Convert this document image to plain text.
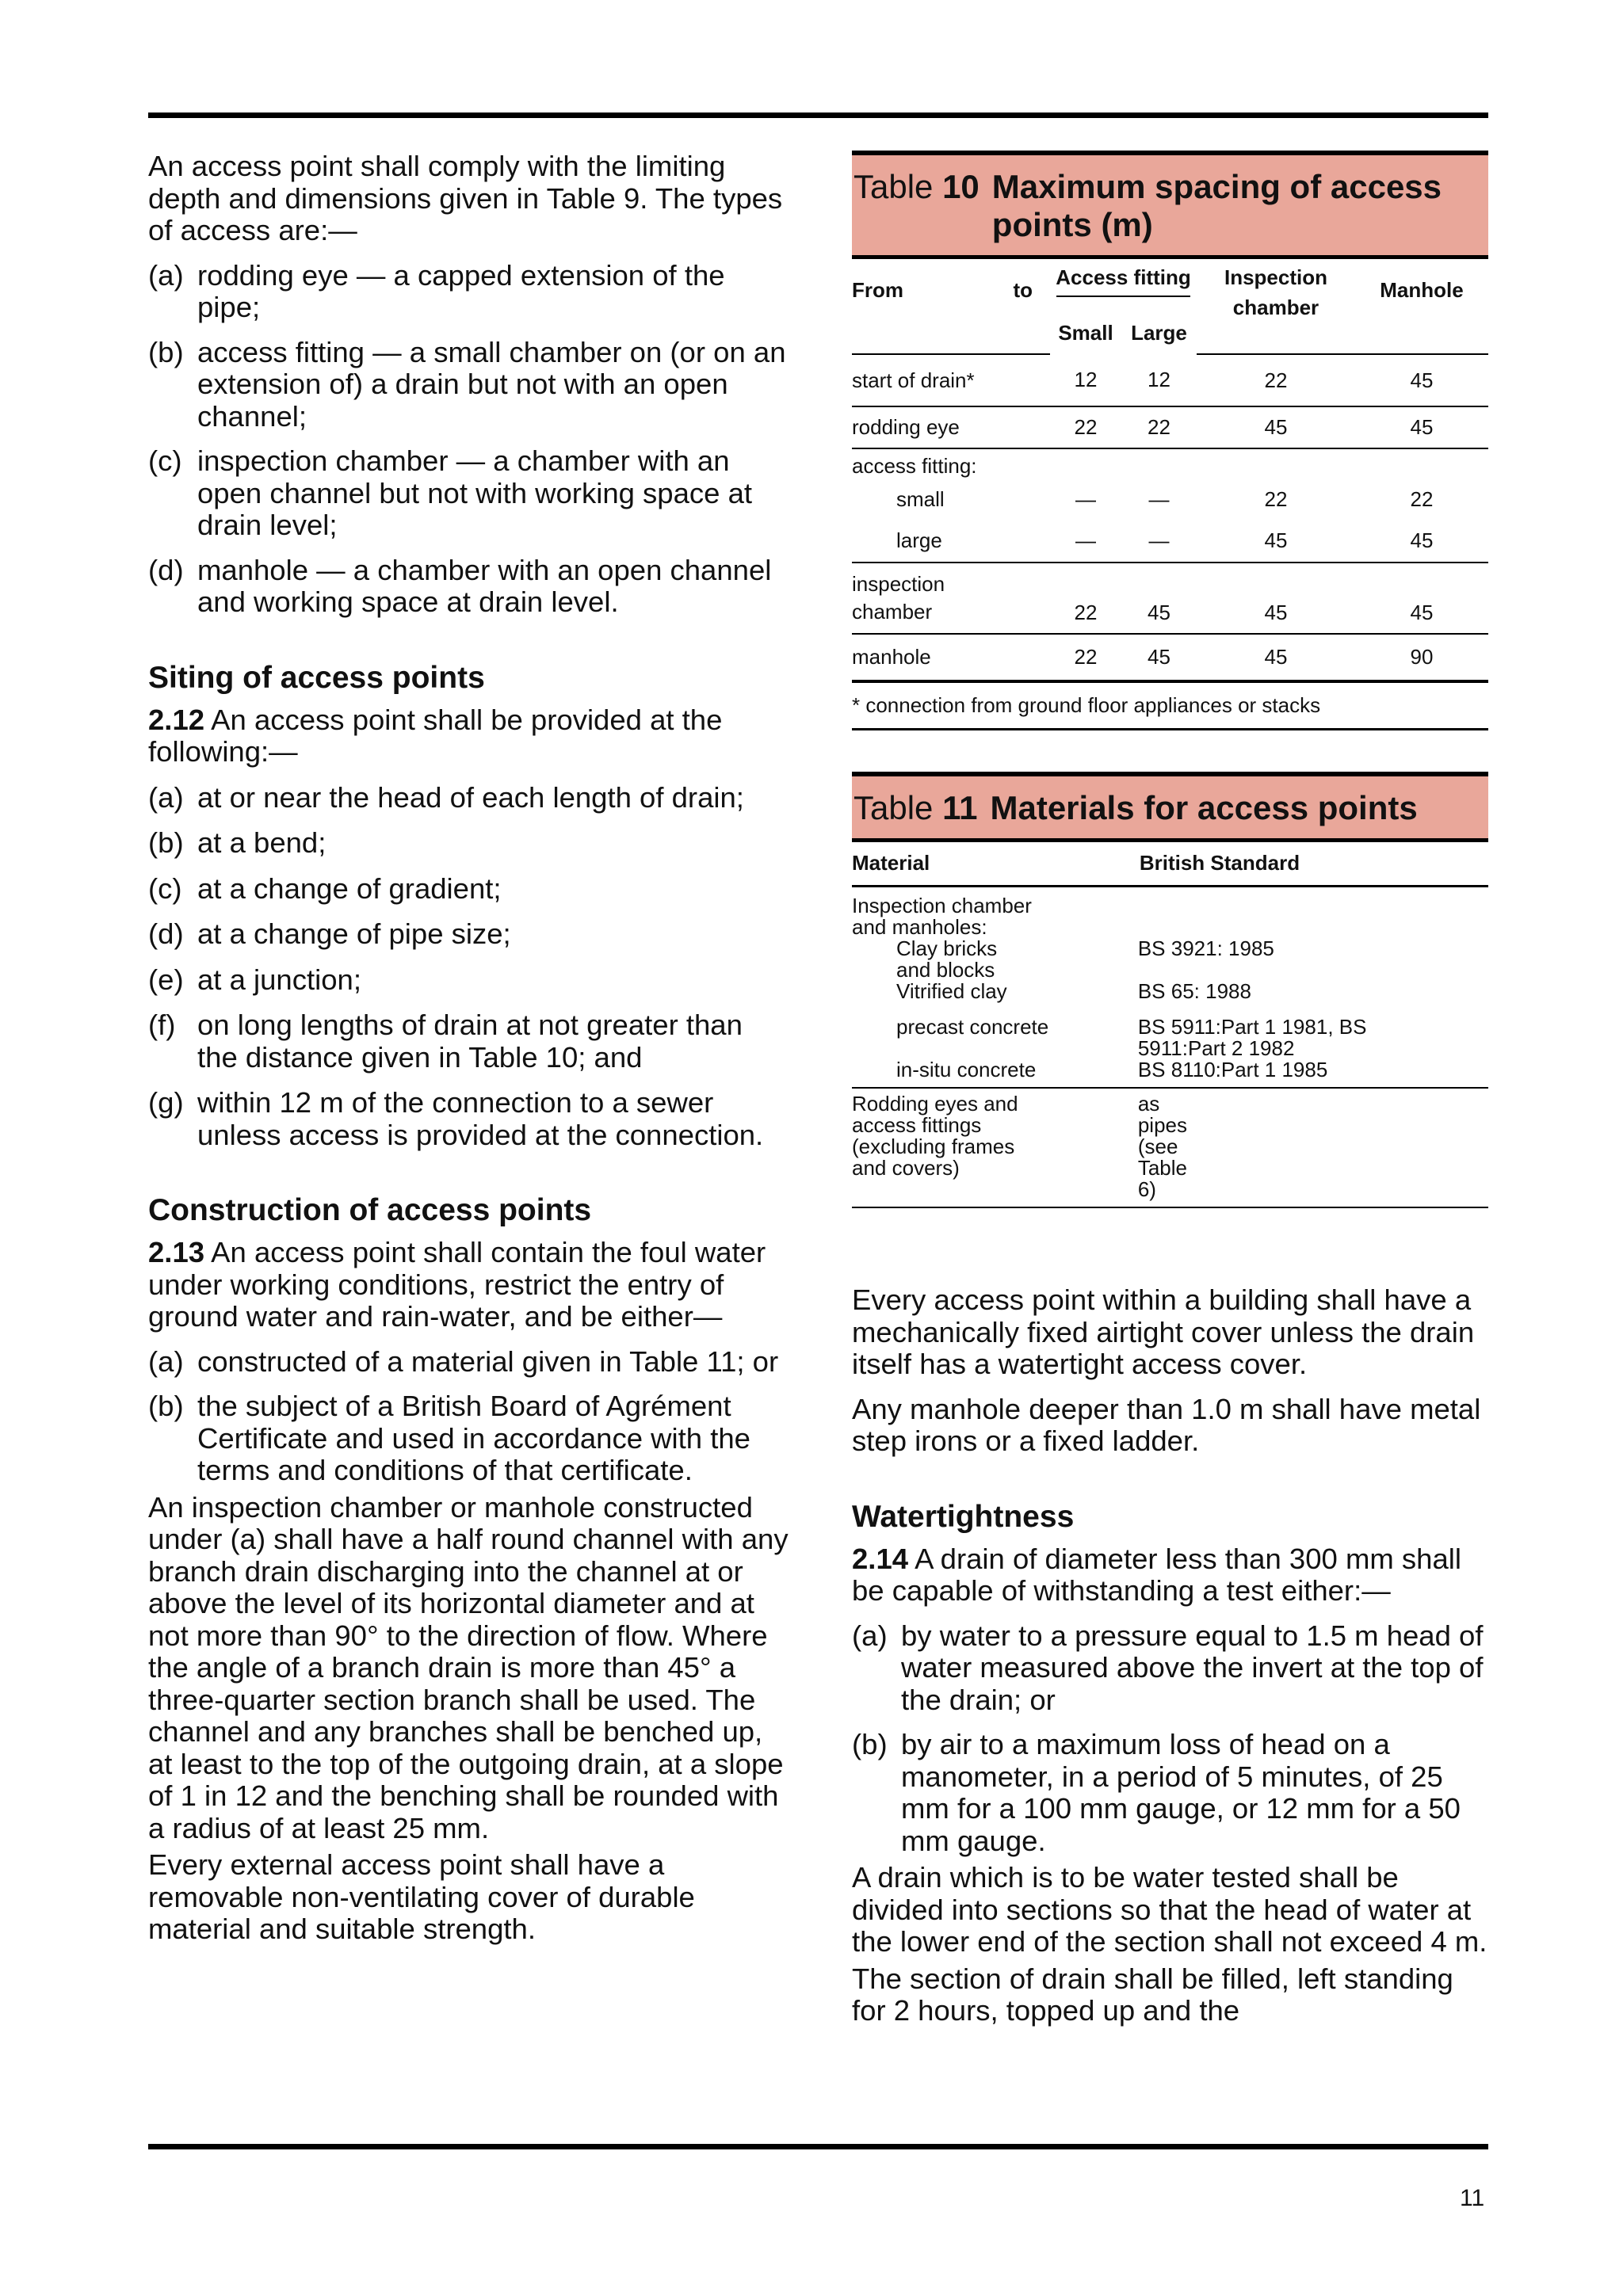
An access point shall comply with the limiting depth and dimensions given in Table 9. The types of access are:—

(a) rodding eye — a capped extension of the pipe;
(b) access fitting — a small chamber on (or on an extension of) a drain but not with an open channel;
(c) inspection chamber — a chamber with an open channel but not with working space at drain level;
(d) manhole — a chamber with an open channel and working space at drain level.
Siting of access points

2.12 An access point shall be provided at the following:—

(a) at or near the head of each length of drain;
(b) at a bend;
(c) at a change of gradient;
(d) at a change of pipe size;
(e) at a junction;
(f) on long lengths of drain at not greater than the distance given in Table 10; and
(g) within 12 m of the connection to a sewer unless access is provided at the connection.
Construction of access points

2.13 An access point shall contain the foul water under working conditions, restrict the entry of ground water and rain-water, and be either—

(a) constructed of a material given in Table 11; or
(b) the subject of a British Board of Agrément Certificate and used in accordance with the terms and conditions of that certificate.

An inspection chamber or manhole constructed under (a) shall have a half round channel with any branch drain discharging into the channel at or above the level of its horizontal diameter and at not more than 90° to the direction of flow. Where the angle of a branch drain is more than 45° a three-quarter section branch shall be used. The channel and any branches shall be benched up, at least to the top of the outgoing drain, at a slope of 1 in 12 and the benching shall be rounded with a radius of at least 25 mm.

Every external access point shall have a removable non-ventilating cover of durable material and suitable strength.

Table 10 Maximum spacing of access points (m)
From	to	Access fitting		Inspection	Manhole

				chamber	
		Small	Large		
start of drain*		12	12	22	45
rodding eye		22	22	45	45
access fitting:					
small		—	—	22	22
large		—	—	45	45

inspection
chamber		22	45	45	45
manhole		22	45	45	90
* connection from ground floor appliances or stacks					
Table 11 Materials for access points
Material	British Standard
Inspection chamber and manholes:	
Clay bricks and blocks	BS 3921: 1985
Vitrified clay	BS 65: 1988
precast concrete	BS 5911:Part 1 1981, BS 5911:Part 2 1982
in-situ concrete	BS 8110:Part 1 1985
Rodding eyes and access fittings (excluding frames and covers)	as pipes (see Table 6)

Every access point within a building shall have a mechanically fixed airtight cover unless the drain itself has a watertight access cover.

Any manhole deeper than 1.0 m shall have metal step irons or a fixed ladder.

Watertightness

2.14 A drain of diameter less than 300 mm shall be capable of withstanding a test either:—

(a) by water to a pressure equal to 1.5 m head of water measured above the invert at the top of the drain; or
(b) by air to a maximum loss of head on a manometer, in a period of 5 minutes, of 25 mm for a 100 mm gauge, or 12 mm for a 50 mm gauge.

A drain which is to be water tested shall be divided into sections so that the head of water at the lower end of the section shall not exceed 4 m.

The section of drain shall be filled, left standing for 2 hours, topped up and the

11
